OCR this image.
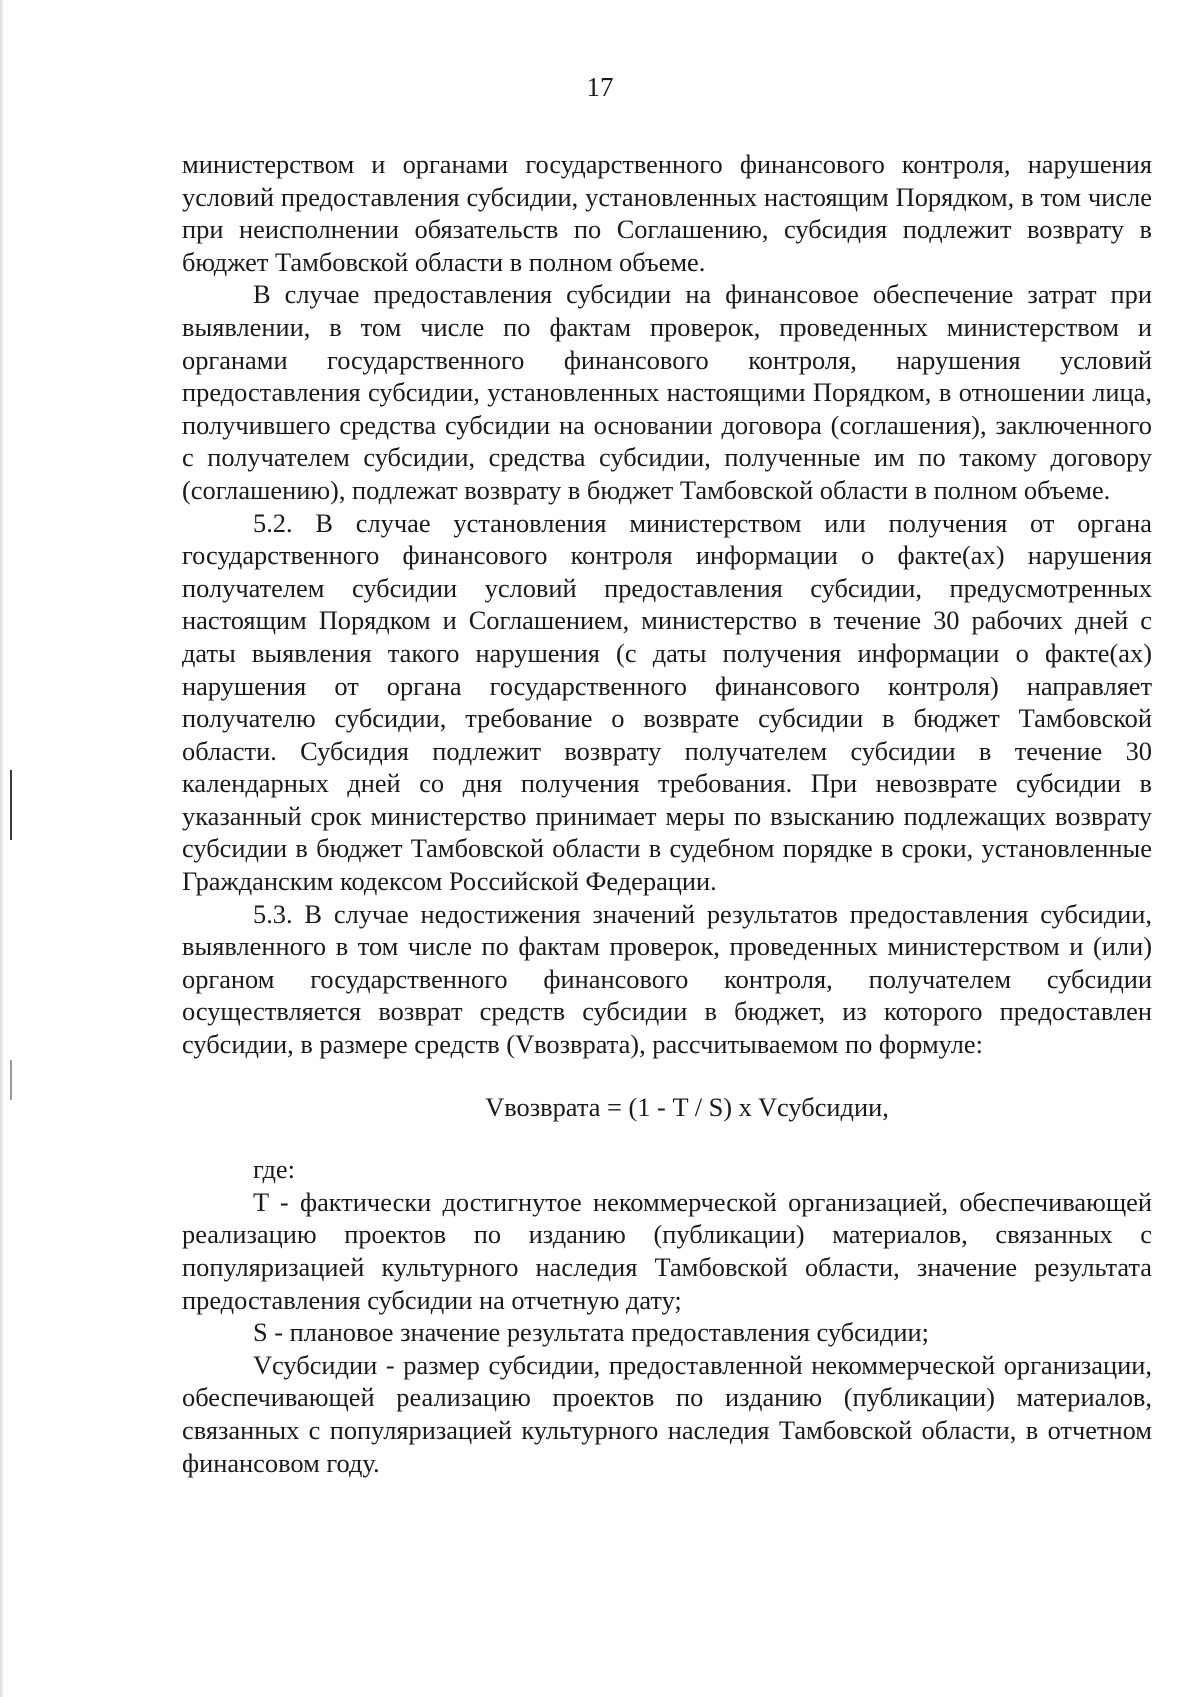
17

министерством и органами государственного финансового контроля, нарушения условий предоставления субсидии, установленных настоящим Порядком, в том числе при неисполнении обязательств по Соглашению, субсидия подлежит возврату в бюджет Тамбовской области в полном объеме.

В случае предоставления субсидии на финансовое обеспечение затрат при выявлении, в том числе по фактам проверок, проведенных министерством и органами государственного финансового контроля, нарушения условий предоставления субсидии, установленных настоящими Порядком, в отношении лица, получившего средства субсидии на основании договора (соглашения), заключенного с получателем субсидии, средства субсидии, полученные им по такому договору (соглашению), подлежат возврату в бюджет Тамбовской области в полном объеме.

5.2. В случае установления министерством или получения от органа государственного финансового контроля информации о факте(ах) нарушения получателем субсидии условий предоставления субсидии, предусмотренных настоящим Порядком и Соглашением, министерство в течение 30 рабочих дней с даты выявления такого нарушения (с даты получения информации о факте(ах) нарушения от органа государственного финансового контроля) направляет получателю субсидии, требование о возврате субсидии в бюджет Тамбовской области. Субсидия подлежит возврату получателем субсидии в течение 30 календарных дней со дня получения требования. При невозврате субсидии в указанный срок министерство принимает меры по взысканию подлежащих возврату субсидии в бюджет Тамбовской области в судебном порядке в сроки, установленные Гражданским кодексом Российской Федерации.

5.3. В случае недостижения значений результатов предоставления субсидии, выявленного в том числе по фактам проверок, проведенных министерством и (или) органом государственного финансового контроля, получателем субсидии осуществляется возврат средств субсидии в бюджет, из которого предоставлен субсидии, в размере средств (Vвозврата), рассчитываемом по формуле:

Vвозврата = (1 - T / S) x Vсубсидии,

где:

T - фактически достигнутое некоммерческой организацией, обеспечивающей реализацию проектов по изданию (публикации) материалов, связанных с популяризацией культурного наследия Тамбовской области, значение результата предоставления субсидии на отчетную дату;

S - плановое значение результата предоставления субсидии;

Vсубсидии - размер субсидии, предоставленной некоммерческой организации, обеспечивающей реализацию проектов по изданию (публикации) материалов, связанных с популяризацией культурного наследия Тамбовской области, в отчетном финансовом году.
